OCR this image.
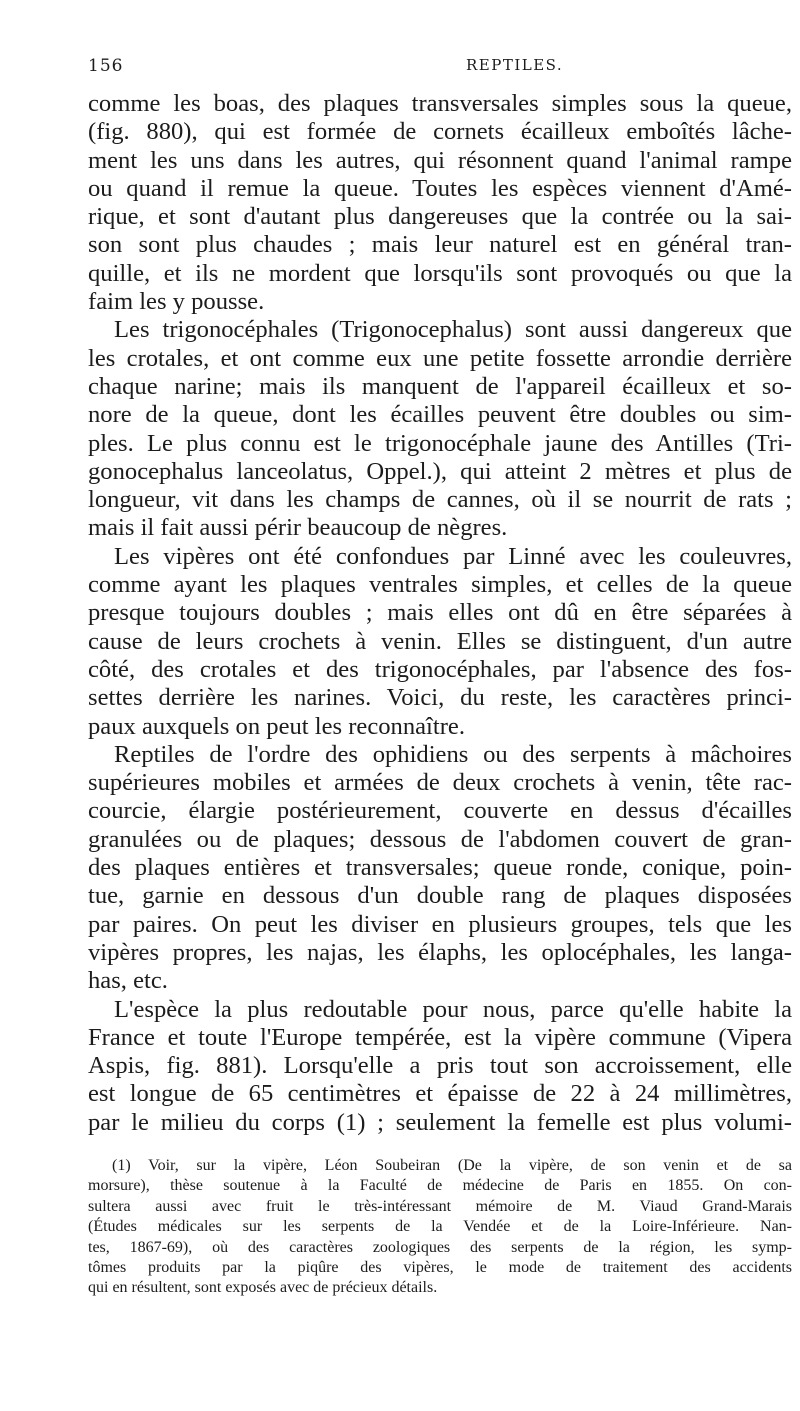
156	REPTILES.
comme les boas, des plaques transversales simples sous la queue,
(fig. 880), qui est formée de cornets écailleux emboîtés lâche-
ment les uns dans les autres, qui résonnent quand l'animal rampe
ou quand il remue la queue. Toutes les espèces viennent d'Amé-
rique, et sont d'autant plus dangereuses que la contrée ou la sai-
son sont plus chaudes ; mais leur naturel est en général tran-
quille, et ils ne mordent que lorsqu'ils sont provoqués ou que la
faim les y pousse.
Les trigonocéphales (Trigonocephalus) sont aussi dangereux que
les crotales, et ont comme eux une petite fossette arrondie derrière
chaque narine; mais ils manquent de l'appareil écailleux et so-
nore de la queue, dont les écailles peuvent être doubles ou sim-
ples. Le plus connu est le trigonocéphale jaune des Antilles (Tri-
gonocephalus lanceolatus, Oppel.), qui atteint 2 mètres et plus de
longueur, vit dans les champs de cannes, où il se nourrit de rats ;
mais il fait aussi périr beaucoup de nègres.
Les vipères ont été confondues par Linné avec les couleuvres,
comme ayant les plaques ventrales simples, et celles de la queue
presque toujours doubles ; mais elles ont dû en être séparées à
cause de leurs crochets à venin. Elles se distinguent, d'un autre
côté, des crotales et des trigonocéphales, par l'absence des fos-
settes derrière les narines. Voici, du reste, les caractères princi-
paux auxquels on peut les reconnaître.
Reptiles de l'ordre des ophidiens ou des serpents à mâchoires
supérieures mobiles et armées de deux crochets à venin, tête rac-
courcie, élargie postérieurement, couverte en dessus d'écailles
granulées ou de plaques; dessous de l'abdomen couvert de gran-
des plaques entières et transversales; queue ronde, conique, poin-
tue, garnie en dessous d'un double rang de plaques disposées
par paires. On peut les diviser en plusieurs groupes, tels que les
vipères propres, les najas, les élaphs, les oplocéphales, les langa-
has, etc.
L'espèce la plus redoutable pour nous, parce qu'elle habite la
France et toute l'Europe tempérée, est la vipère commune (Vipera
Aspis, fig. 881). Lorsqu'elle a pris tout son accroissement, elle
est longue de 65 centimètres et épaisse de 22 à 24 millimètres,
par le milieu du corps (1) ; seulement la femelle est plus volumi-
(1) Voir, sur la vipère, Léon Soubeiran (De la vipère, de son venin et de sa
morsure), thèse soutenue à la Faculté de médecine de Paris en 1855. On con-
sultera aussi avec fruit le très-intéressant mémoire de M. Viaud Grand-Marais
(Études médicales sur les serpents de la Vendée et de la Loire-Inférieure. Nan-
tes, 1867-69), où des caractères zoologiques des serpents de la région, les symp-
tômes produits par la piqûre des vipères, le mode de traitement des accidents
qui en résultent, sont exposés avec de précieux détails.
